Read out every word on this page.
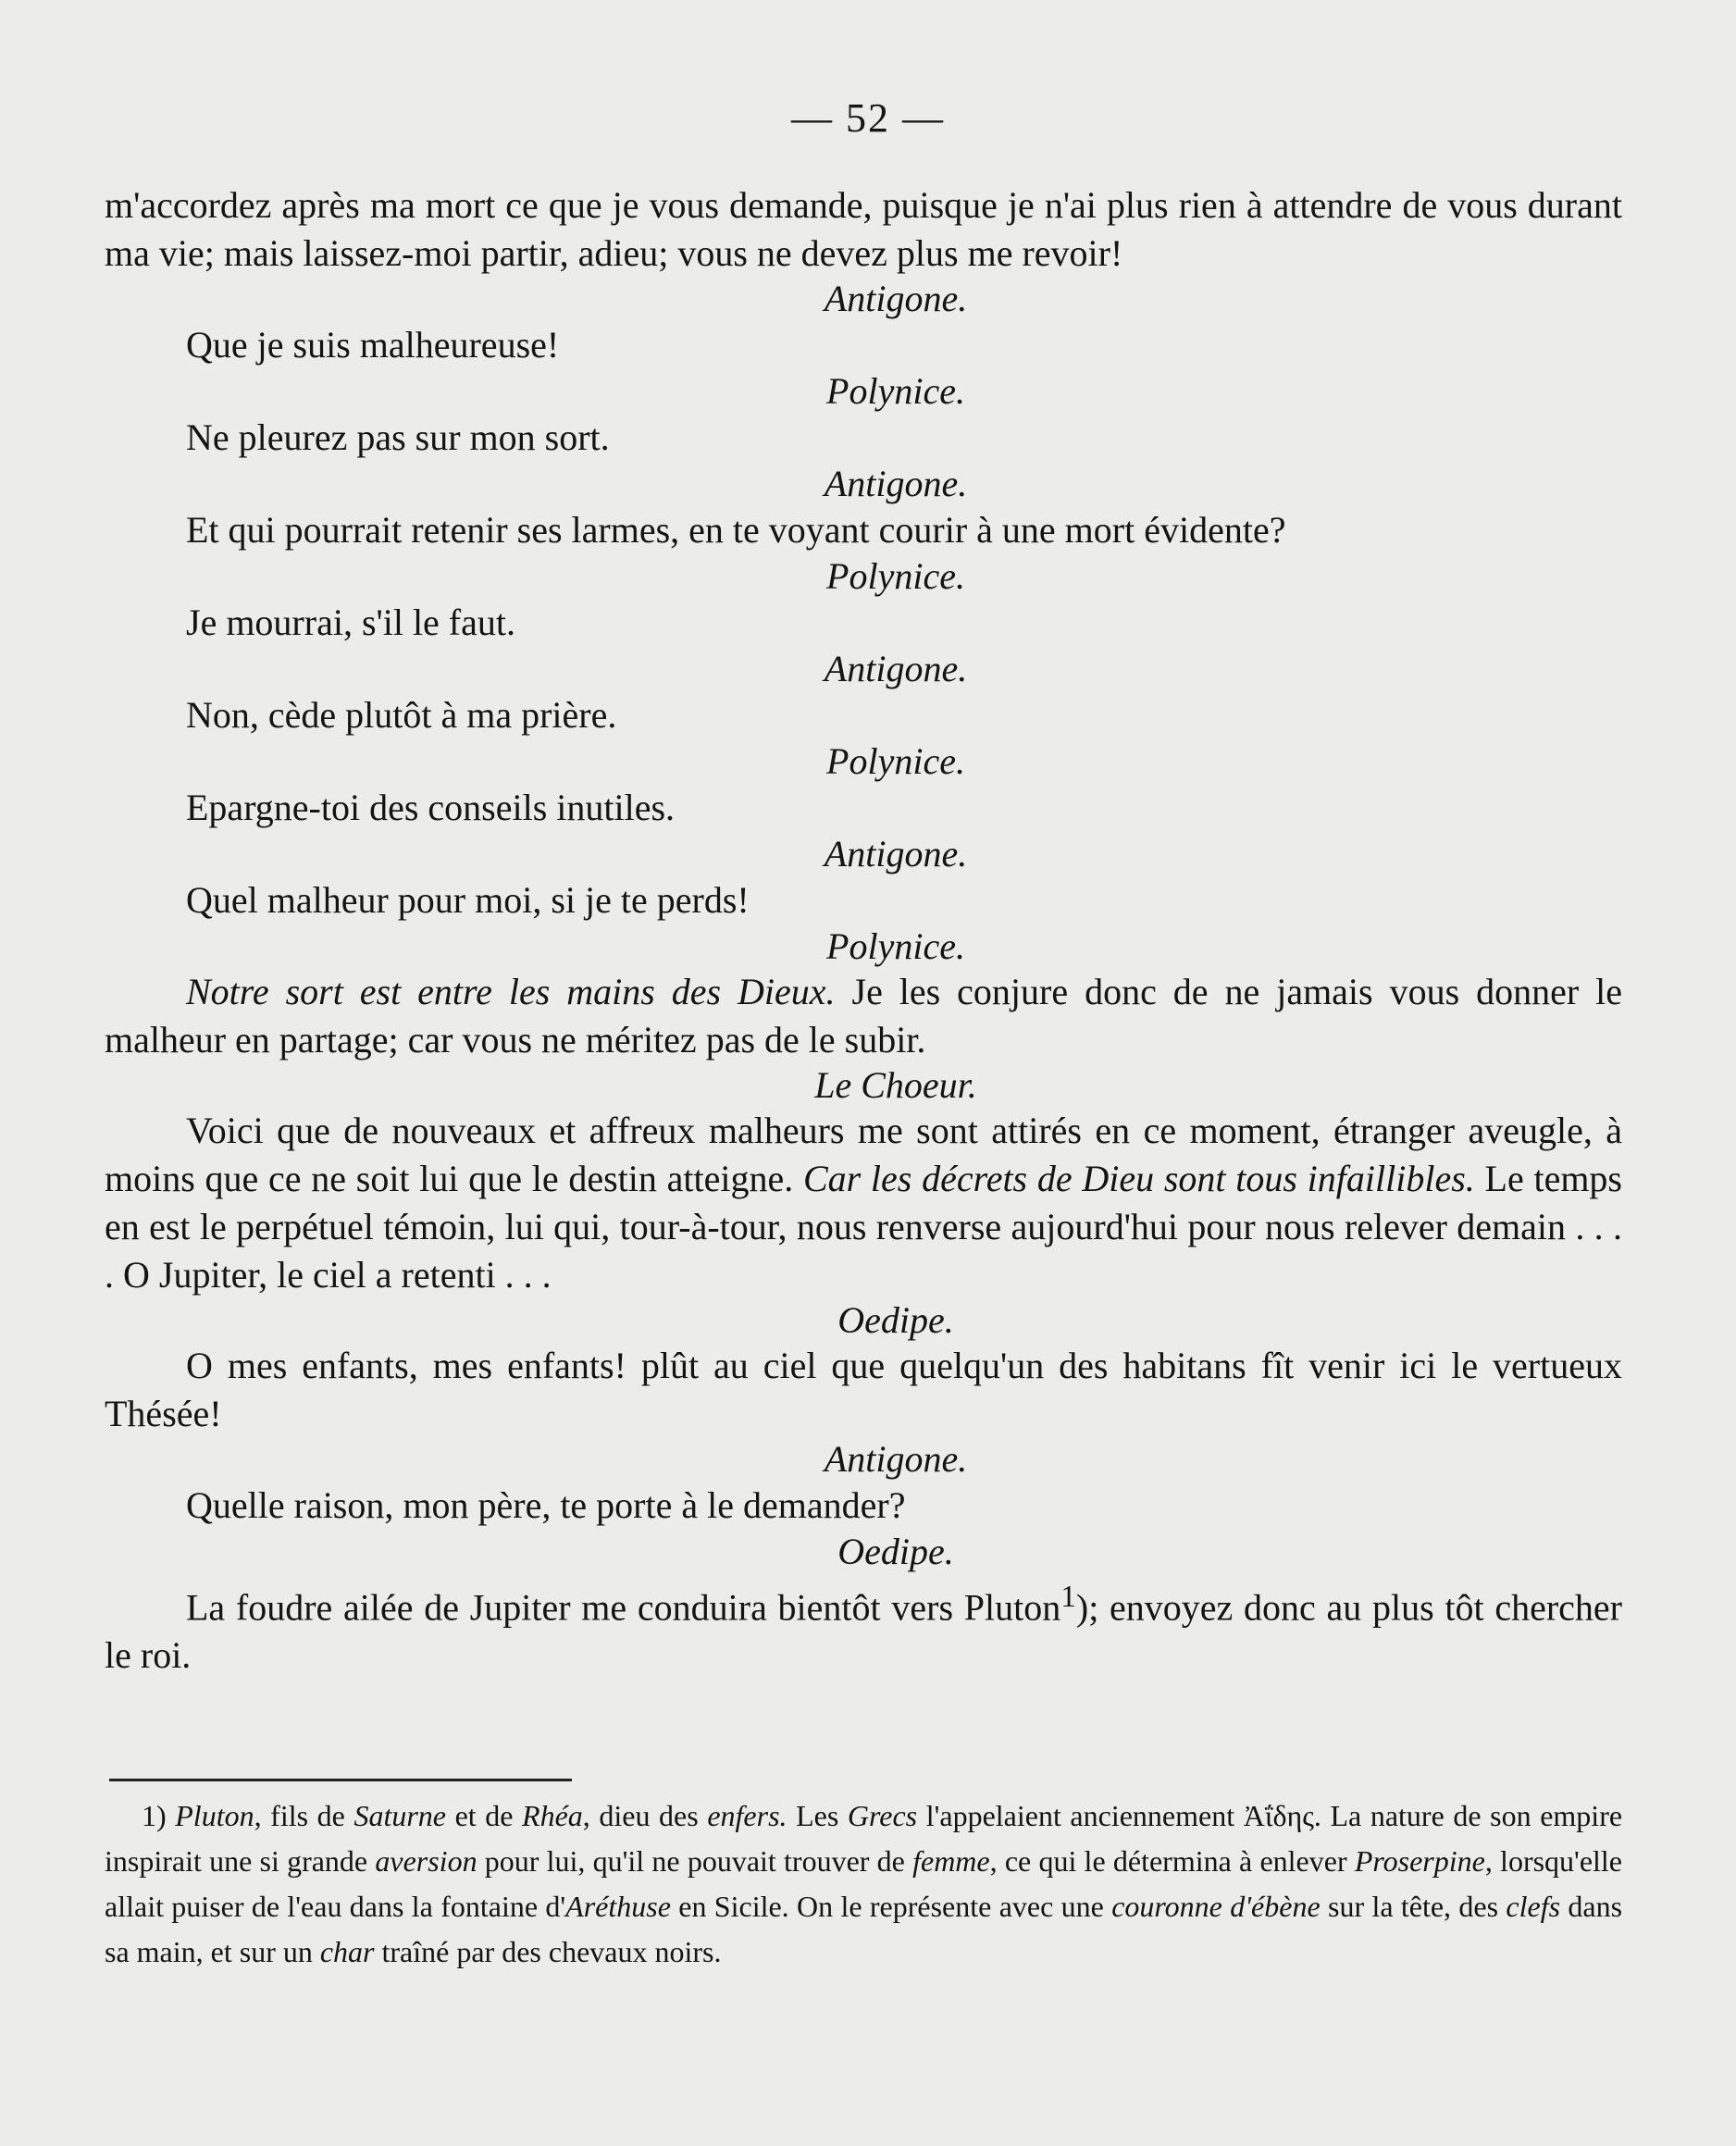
— 52 —

m'accordez après ma mort ce que je vous demande, puisque je n'ai plus rien à attendre de vous durant ma vie; mais laissez-moi partir, adieu; vous ne devez plus me revoir!

Antigone.

Que je suis malheureuse!

Polynice.

Ne pleurez pas sur mon sort.

Antigone.

Et qui pourrait retenir ses larmes, en te voyant courir à une mort évidente?

Polynice.

Je mourrai, s'il le faut.

Antigone.

Non, cède plutôt à ma prière.

Polynice.

Epargne-toi des conseils inutiles.

Antigone.

Quel malheur pour moi, si je te perds!

Polynice.

Notre sort est entre les mains des Dieux. Je les conjure donc de ne jamais vous donner le malheur en partage; car vous ne méritez pas de le subir.

Le Choeur.

Voici que de nouveaux et affreux malheurs me sont attirés en ce moment, étranger aveugle, à moins que ce ne soit lui que le destin atteigne. Car les décrets de Dieu sont tous infaillibles. Le temps en est le perpétuel témoin, lui qui, tour-à-tour, nous renverse aujourd'hui pour nous relever demain . . . . O Jupiter, le ciel a retenti . . .

Oedipe.

O mes enfants, mes enfants! plût au ciel que quelqu'un des habitans fît venir ici le vertueux Thésée!

Antigone.

Quelle raison, mon père, te porte à le demander?

Oedipe.

La foudre ailée de Jupiter me conduira bientôt vers Pluton$^1$); envoyez donc au plus tôt chercher le roi.

1) Pluton, fils de Saturne et de Rhéa, dieu des enfers. Les Grecs l'appelaient anciennement Ἀΐδης. La nature de son empire inspirait une si grande aversion pour lui, qu'il ne pouvait trouver de femme, ce qui le détermina à enlever Proserpine, lorsqu'elle allait puiser de l'eau dans la fontaine d'Aréthuse en Sicile. On le représente avec une couronne d'ébène sur la tête, des clefs dans sa main, et sur un char traîné par des chevaux noirs.
